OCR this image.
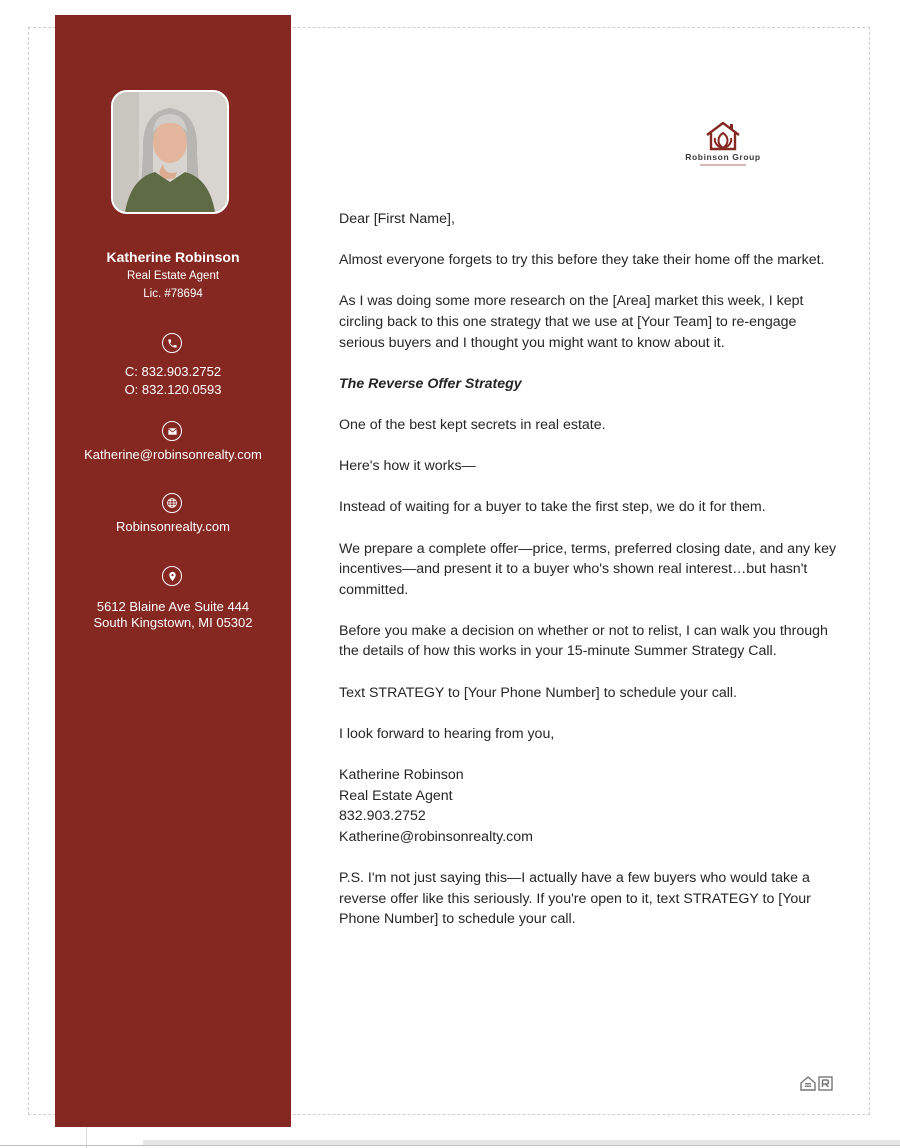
Katherine Robinson
Real Estate Agent
Lic. #78694
C: 832.903.2752
O: 832.120.0593
Katherine@robinsonrealty.com
Robinsonrealty.com
5612 Blaine Ave Suite 444
South Kingstown, MI 05302
Robinson Group

Dear [First Name],

Almost everyone forgets to try this before they take their home off the market.

As I was doing some more research on the [Area] market this week, I kept circling back to this one strategy that we use at [Your Team] to re-engage serious buyers and I thought you might want to know about it.

The Reverse Offer Strategy

One of the best kept secrets in real estate.

Here's how it works—

Instead of waiting for a buyer to take the first step, we do it for them.

We prepare a complete offer—price, terms, preferred closing date, and any key incentives—and present it to a buyer who's shown real interest…but hasn't committed.

Before you make a decision on whether or not to relist, I can walk you through the details of how this works in your 15-minute Summer Strategy Call.

Text STRATEGY to [Your Phone Number] to schedule your call.

I look forward to hearing from you,

Katherine Robinson
Real Estate Agent
832.903.2752
Katherine@robinsonrealty.com

P.S. I'm not just saying this—I actually have a few buyers who would take a reverse offer like this seriously. If you're open to it, text STRATEGY to [Your Phone Number] to schedule your call.
